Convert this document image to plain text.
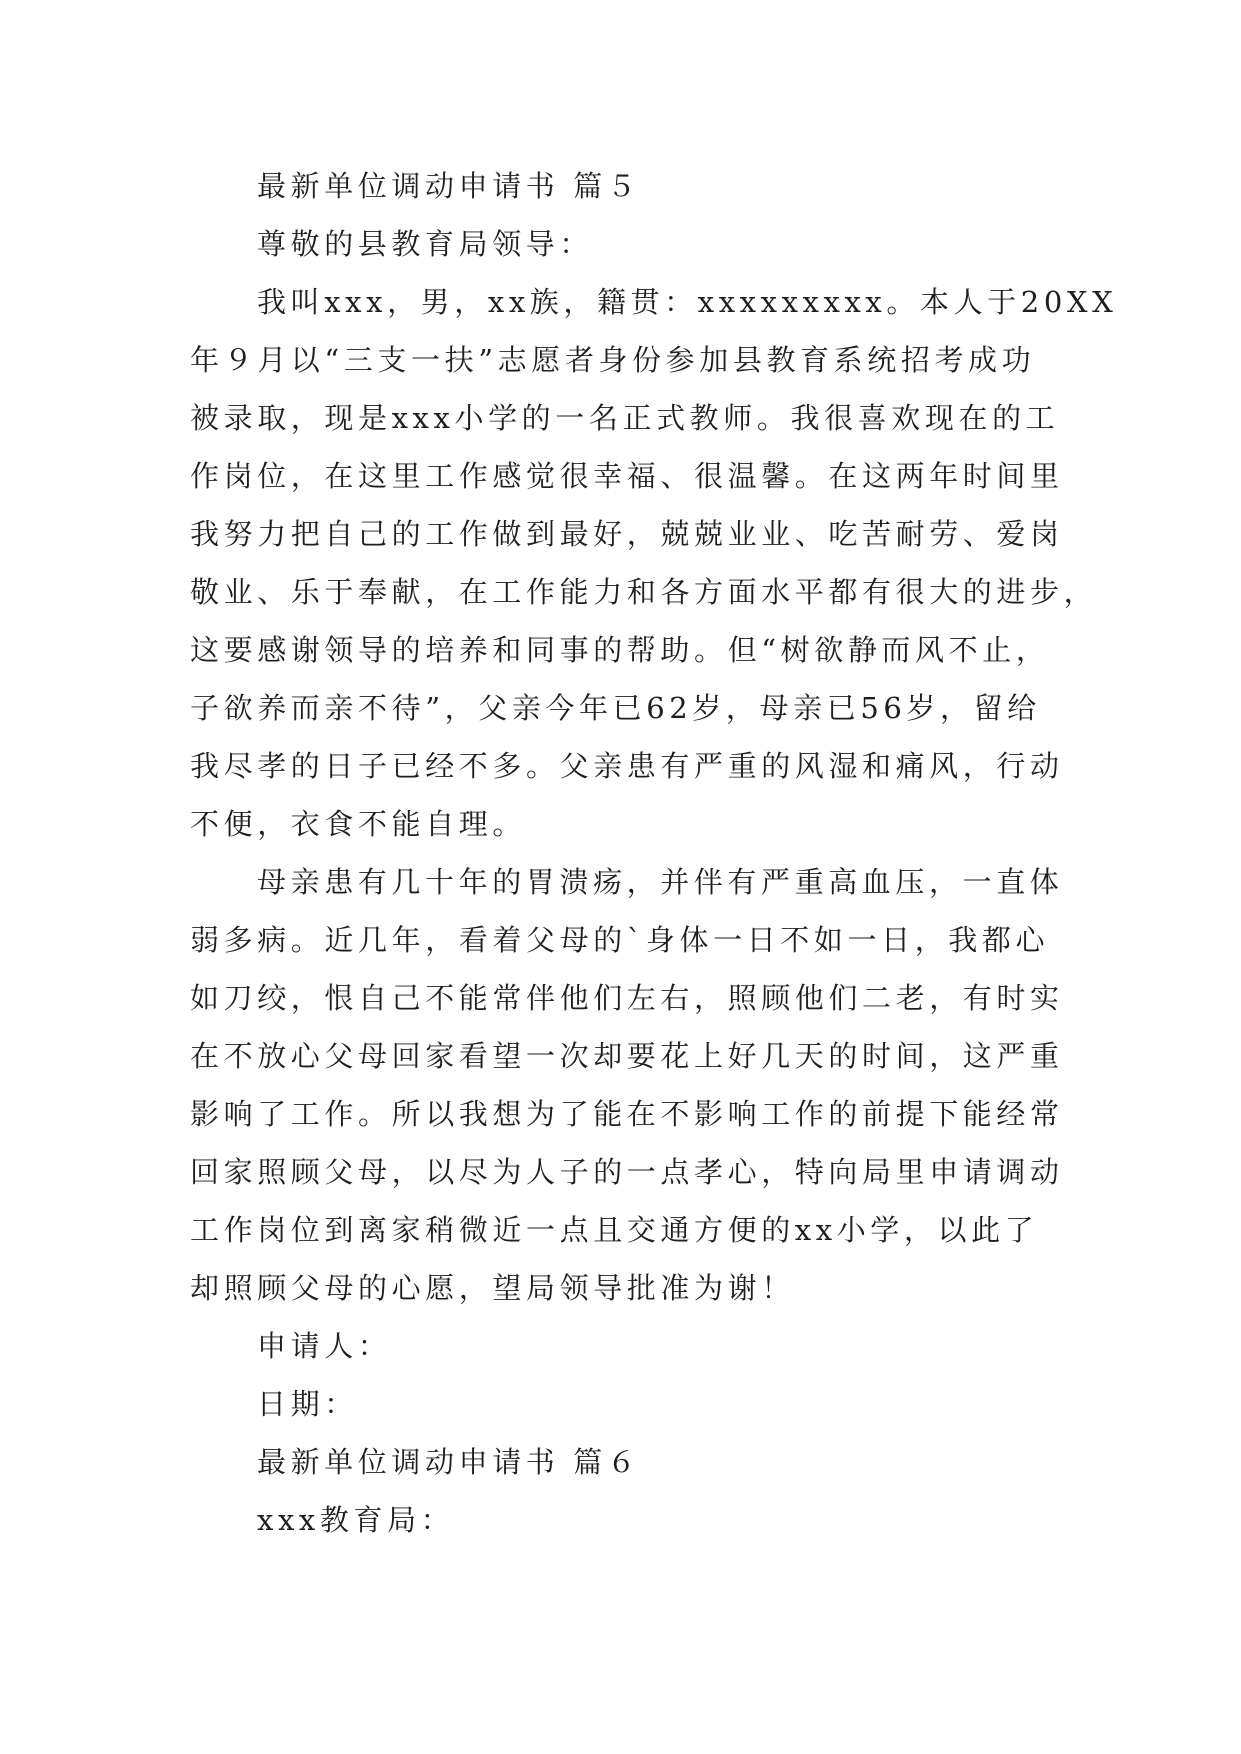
最新单位调动申请书 篇５
尊敬的县教育局领导：
我叫xxx，男，xx族，籍贯：xxxxxxxxx。本人于20XX
年９月以“三支一扶”志愿者身份参加县教育系统招考成功
被录取，现是xxx小学的一名正式教师。我很喜欢现在的工
作岗位，在这里工作感觉很幸福、很温馨。在这两年时间里
我努力把自己的工作做到最好，兢兢业业、吃苦耐劳、爱岗
敬业、乐于奉献，在工作能力和各方面水平都有很大的进步，
这要感谢领导的培养和同事的帮助。但“树欲静而风不止，
子欲养而亲不待”，父亲今年已62岁，母亲已56岁，留给
我尽孝的日子已经不多。父亲患有严重的风湿和痛风，行动
不便，衣食不能自理。
母亲患有几十年的胃溃疡，并伴有严重高血压，一直体
弱多病。近几年，看着父母的`身体一日不如一日，我都心
如刀绞，恨自己不能常伴他们左右，照顾他们二老，有时实
在不放心父母回家看望一次却要花上好几天的时间，这严重
影响了工作。所以我想为了能在不影响工作的前提下能经常
回家照顾父母，以尽为人子的一点孝心，特向局里申请调动
工作岗位到离家稍微近一点且交通方便的xx小学，以此了
却照顾父母的心愿，望局领导批准为谢！
申请人：
日期：
最新单位调动申请书 篇６
xxx教育局：
